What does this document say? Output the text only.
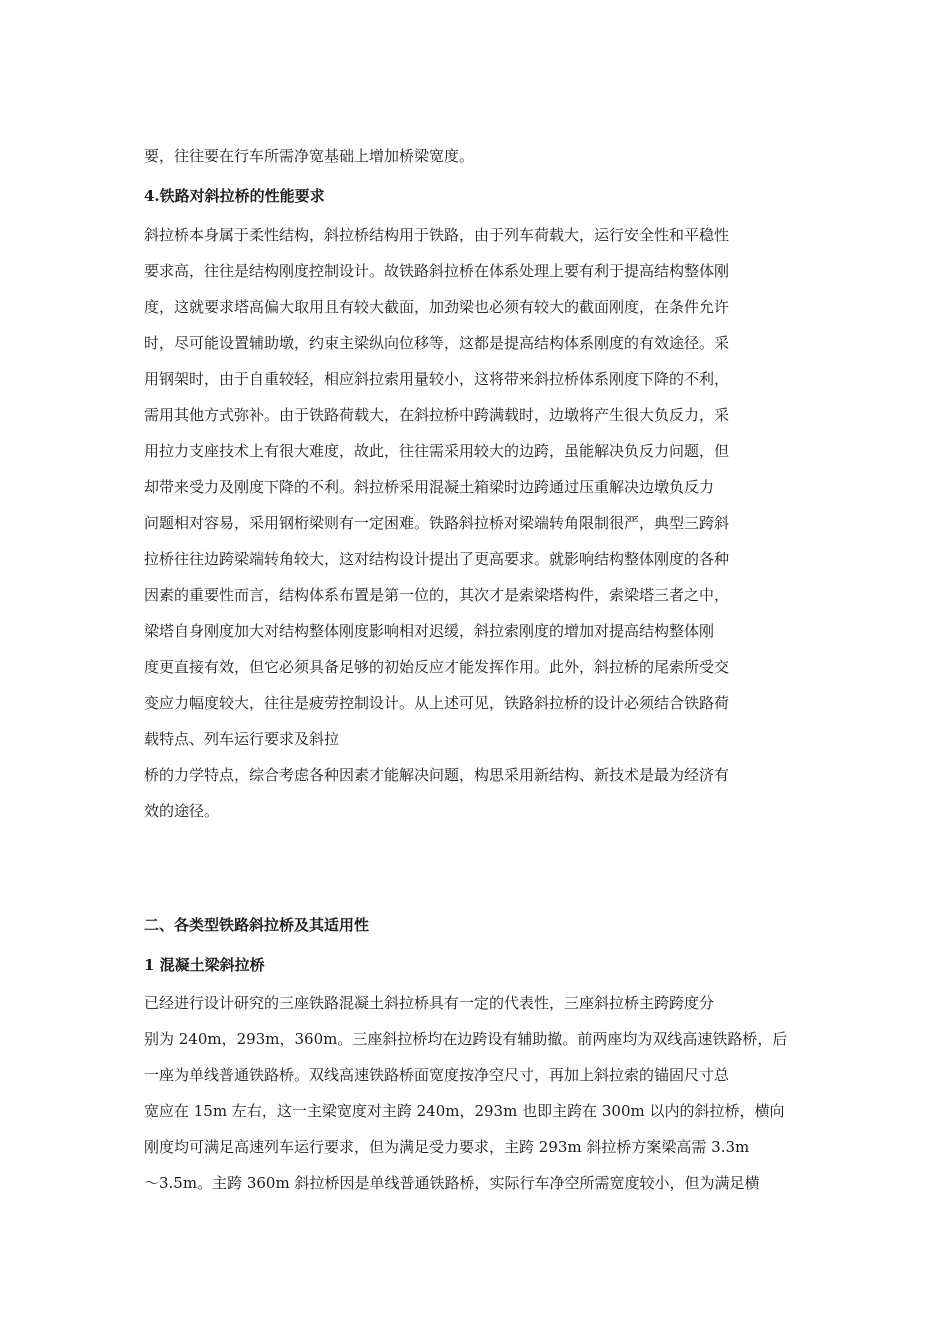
要，往往要在行车所需净宽基础上增加桥梁宽度。
4.铁路对斜拉桥的性能要求
斜拉桥本身属于柔性结构，斜拉桥结构用于铁路，由于列车荷载大，运行安全性和平稳性
要求高，往往是结构刚度控制设计。故铁路斜拉桥在体系处理上要有利于提高结构整体刚
度，这就要求塔高偏大取用且有较大截面，加劲梁也必须有较大的截面刚度，在条件允许
时，尽可能设置辅助墩，约束主梁纵向位移等，这都是提高结构体系刚度的有效途径。采
用钢架时，由于自重较轻，相应斜拉索用量较小，这将带来斜拉桥体系刚度下降的不利，
需用其他方式弥补。由于铁路荷载大，在斜拉桥中跨满载时，边墩将产生很大负反力，采
用拉力支座技术上有很大难度，故此，往往需采用较大的边跨，虽能解决负反力问题，但
却带来受力及刚度下降的不利。斜拉桥采用混凝土箱梁时边跨通过压重解决边墩负反力
问题相对容易，采用钢桁梁则有一定困难。铁路斜拉桥对梁端转角限制很严，典型三跨斜
拉桥往往边跨梁端转角较大，这对结构设计提出了更高要求。就影响结构整体刚度的各种
因素的重要性而言，结构体系布置是第一位的，其次才是索梁塔构件，索梁塔三者之中，
梁塔自身刚度加大对结构整体刚度影响相对迟缓，斜拉索刚度的增加对提高结构整体刚
度更直接有效，但它必须具备足够的初始反应才能发挥作用。此外，斜拉桥的尾索所受交
变应力幅度较大，往往是疲劳控制设计。从上述可见，铁路斜拉桥的设计必须结合铁路荷
载特点、列车运行要求及斜拉
桥的力学特点，综合考虑各种因素才能解决问题，构思采用新结构、新技术是最为经济有
效的途径。
二、各类型铁路斜拉桥及其适用性
1 混凝土梁斜拉桥
已经进行设计研究的三座铁路混凝土斜拉桥具有一定的代表性，三座斜拉桥主跨跨度分
别为 240m，293m，360m。三座斜拉桥均在边跨设有辅助撤。前两座均为双线高速铁路桥，后
一座为单线普通铁路桥。双线高速铁路桥面宽度按净空尺寸，再加上斜拉索的锚固尺寸总
宽应在 15m 左右，这一主梁宽度对主跨 240m，293m 也即主跨在 300m 以内的斜拉桥，横向
刚度均可满足高速列车运行要求，但为满足受力要求，主跨 293m 斜拉桥方案梁高需 3.3m
～3.5m。主跨 360m 斜拉桥因是单线普通铁路桥，实际行车净空所需宽度较小，但为满足横
